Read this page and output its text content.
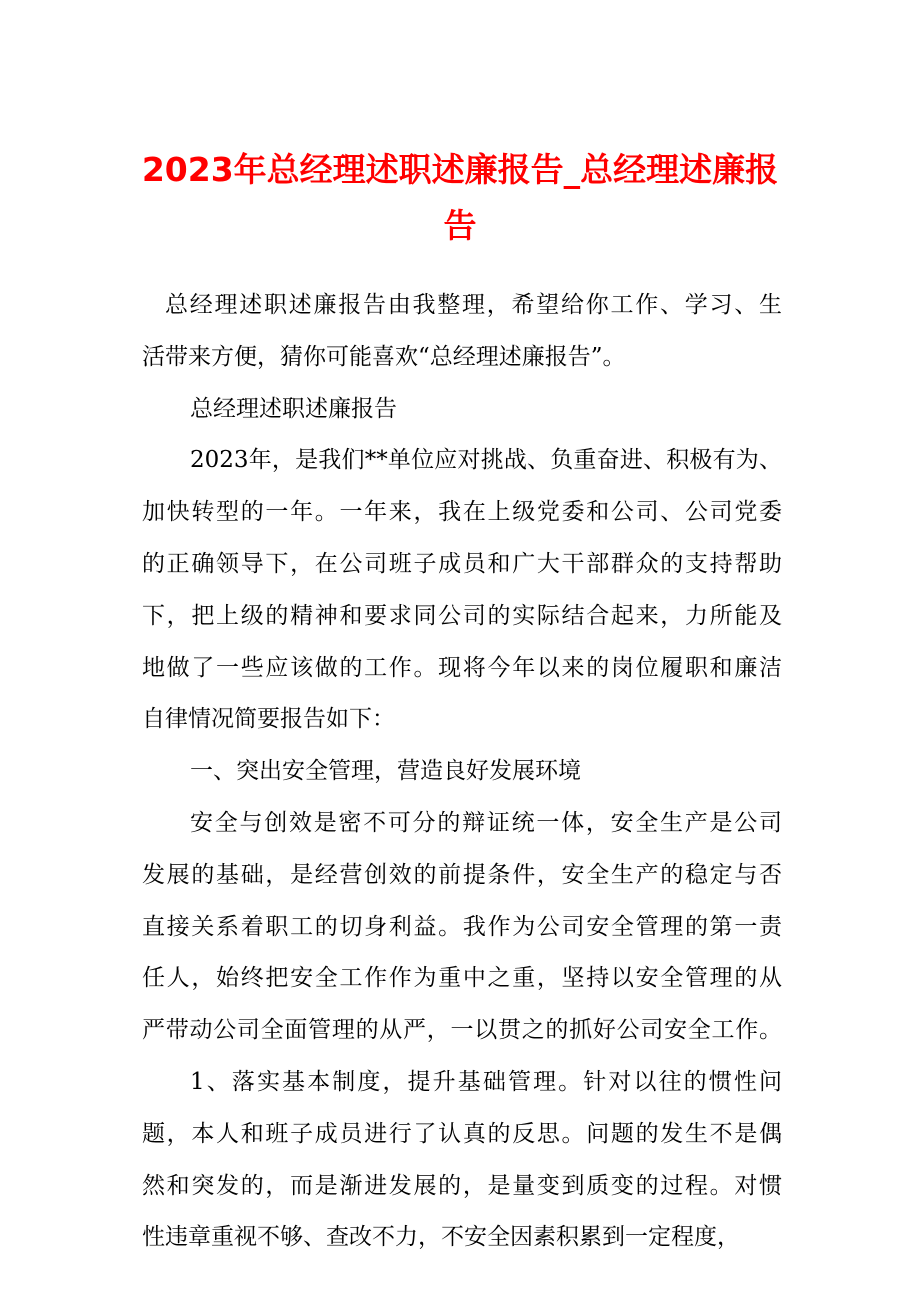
2023年总经理述职述廉报告_总经理述廉报
告
总经理述职述廉报告由我整理，希望给你工作、学习、生
活带来方便，猜你可能喜欢“总经理述廉报告”。
总经理述职述廉报告
2023年，是我们**单位应对挑战、负重奋进、积极有为、
加快转型的一年。一年来，我在上级党委和公司、公司党委
的正确领导下，在公司班子成员和广大干部群众的支持帮助
下，把上级的精神和要求同公司的实际结合起来，力所能及
地做了一些应该做的工作。现将今年以来的岗位履职和廉洁
自律情况简要报告如下：
一、突出安全管理，营造良好发展环境
安全与创效是密不可分的辩证统一体，安全生产是公司
发展的基础，是经营创效的前提条件，安全生产的稳定与否
直接关系着职工的切身利益。我作为公司安全管理的第一责
任人，始终把安全工作作为重中之重，坚持以安全管理的从
严带动公司全面管理的从严，一以贯之的抓好公司安全工作。
1、落实基本制度，提升基础管理。针对以往的惯性问
题，本人和班子成员进行了认真的反思。问题的发生不是偶
然和突发的，而是渐进发展的，是量变到质变的过程。对惯
性违章重视不够、查改不力，不安全因素积累到一定程度，
